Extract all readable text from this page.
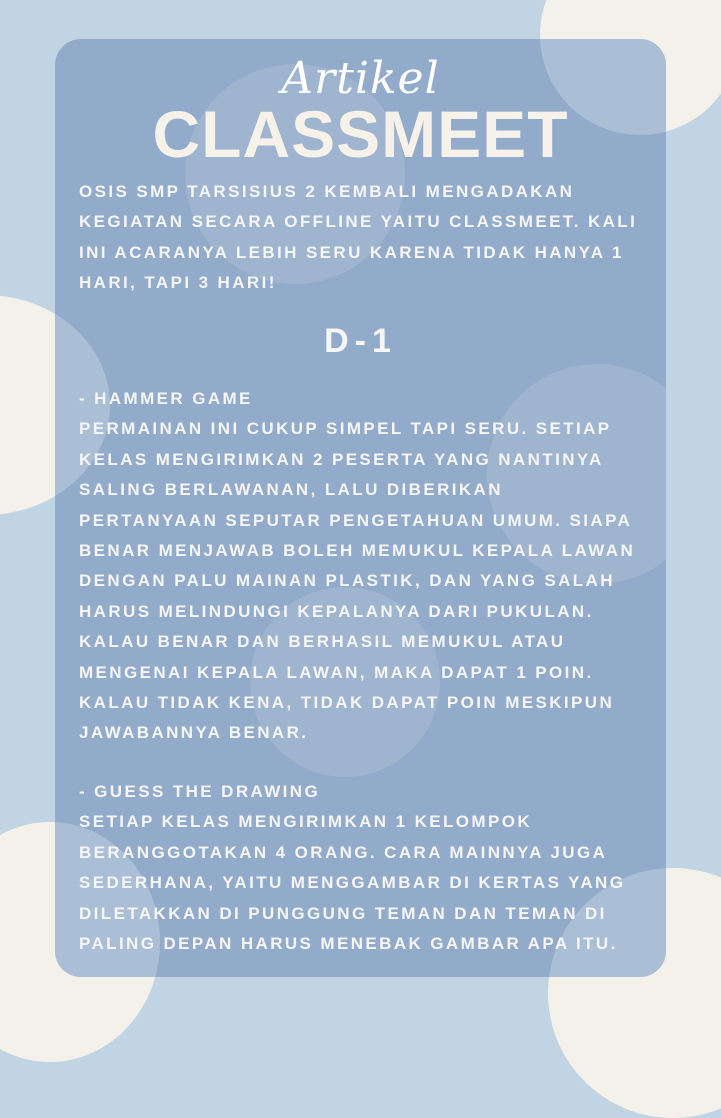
Artikel
CLASSMEET
OSIS SMP TARSISIUS 2 KEMBALI MENGADAKAN
KEGIATAN SECARA OFFLINE YAITU CLASSMEET. KALI
INI ACARANYA LEBIH SERU KARENA TIDAK HANYA 1
HARI, TAPI 3 HARI!
D-1
- HAMMER GAME
PERMAINAN INI CUKUP SIMPEL TAPI SERU. SETIAP
KELAS MENGIRIMKAN 2 PESERTA YANG NANTINYA
SALING BERLAWANAN, LALU DIBERIKAN
PERTANYAAN SEPUTAR PENGETAHUAN UMUM. SIAPA
BENAR MENJAWAB BOLEH MEMUKUL KEPALA LAWAN
DENGAN PALU MAINAN PLASTIK, DAN YANG SALAH
HARUS MELINDUNGI KEPALANYA DARI PUKULAN.
KALAU BENAR DAN BERHASIL MEMUKUL ATAU
MENGENAI KEPALA LAWAN, MAKA DAPAT 1 POIN.
KALAU TIDAK KENA, TIDAK DAPAT POIN MESKIPUN
JAWABANNYA BENAR.
- GUESS THE DRAWING
SETIAP KELAS MENGIRIMKAN 1 KELOMPOK
BERANGGOTAKAN 4 ORANG. CARA MAINNYA JUGA
SEDERHANA, YAITU MENGGAMBAR DI KERTAS YANG
DILETAKKAN DI PUNGGUNG TEMAN DAN TEMAN DI
PALING DEPAN HARUS MENEBAK GAMBAR APA ITU.
